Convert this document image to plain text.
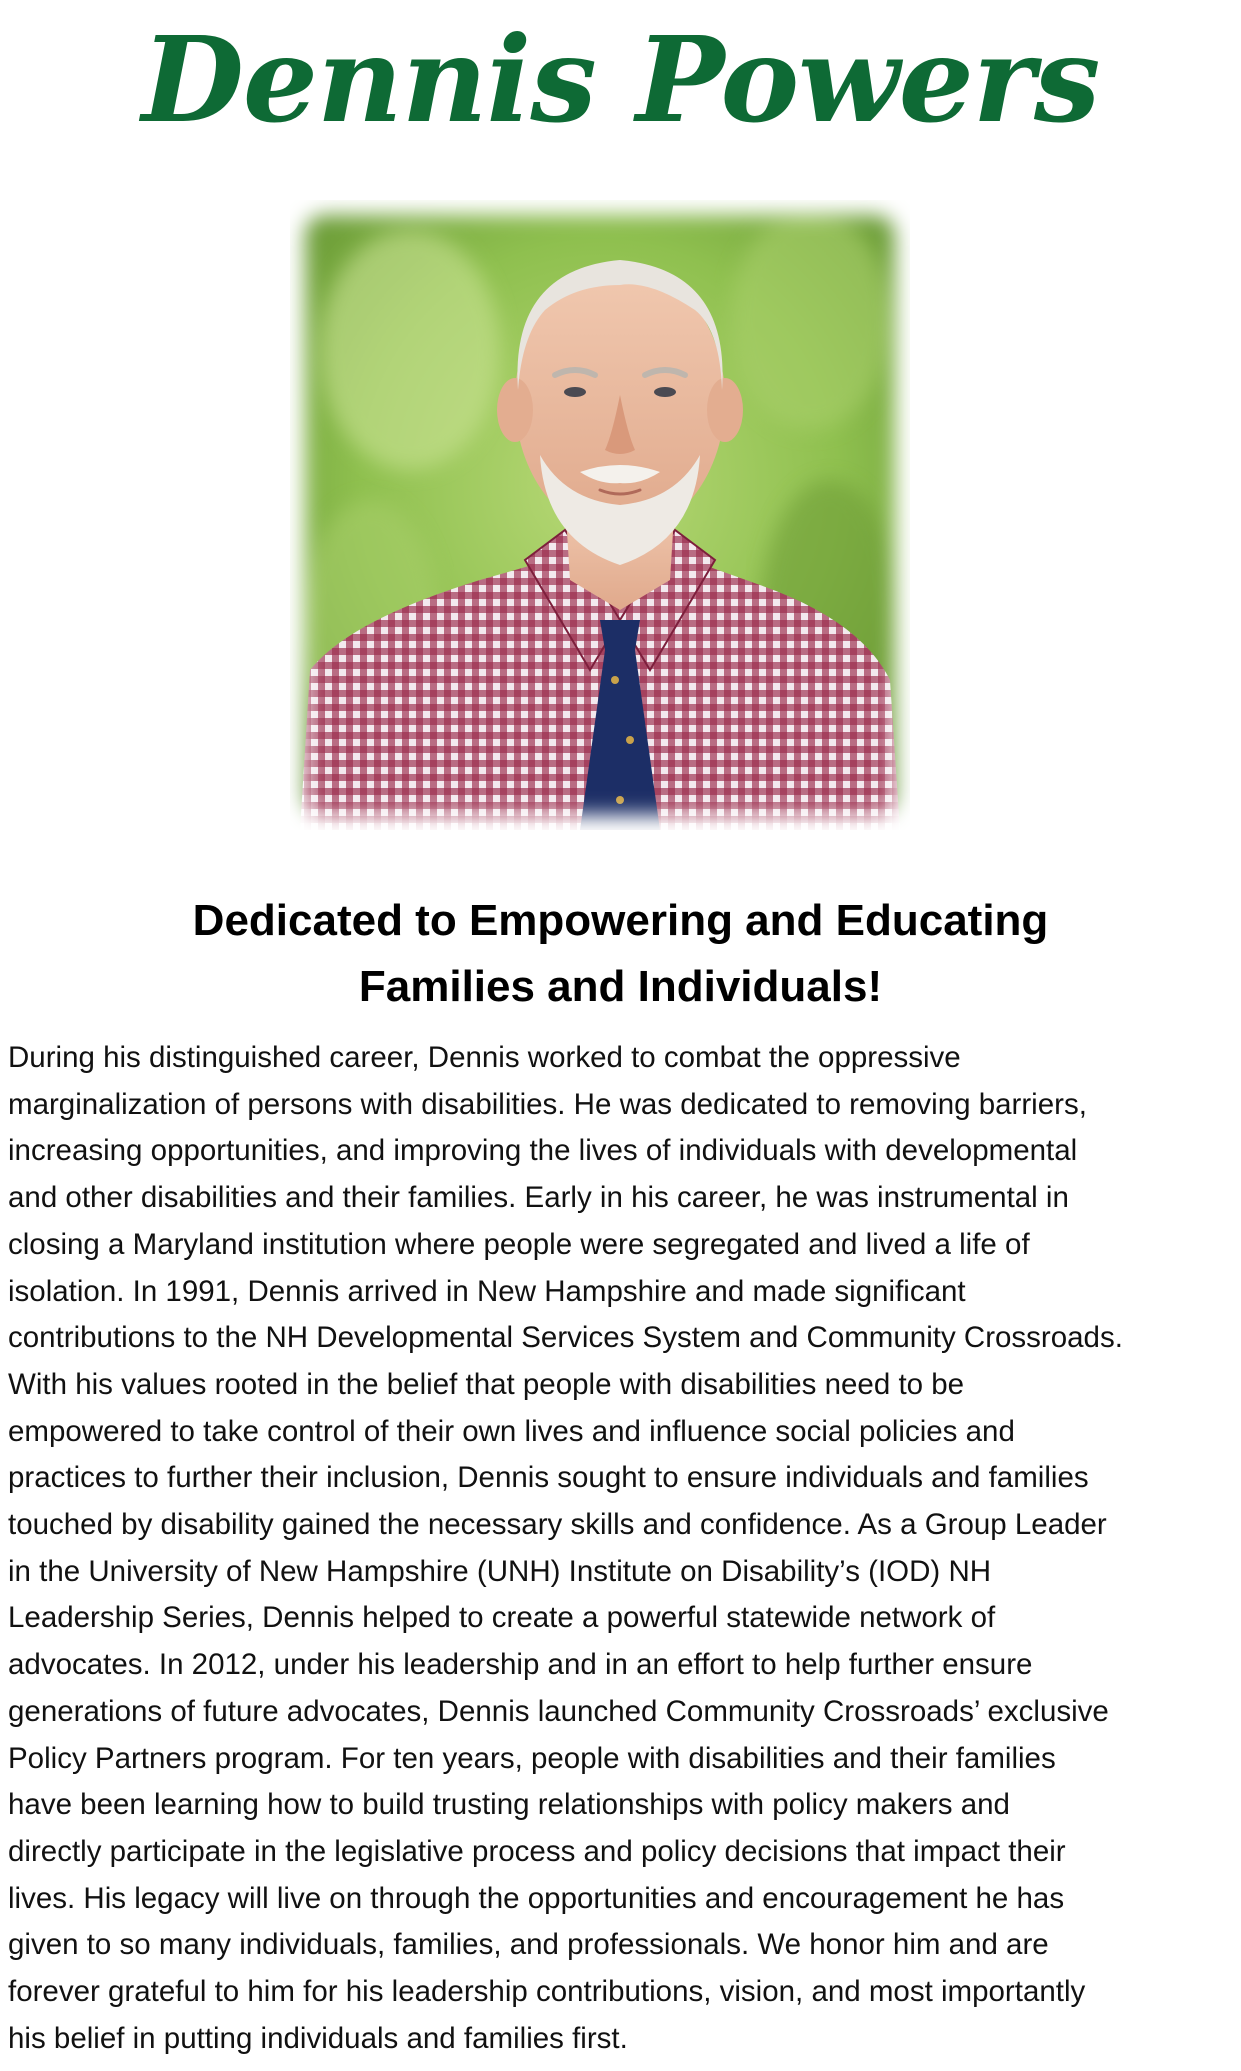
Dennis Powers
Dedicated to Empowering and Educating
Families and Individuals!
During his distinguished career, Dennis worked to combat the oppressive
marginalization of persons with disabilities. He was dedicated to removing barriers,
increasing opportunities, and improving the lives of individuals with developmental
and other disabilities and their families. Early in his career, he was instrumental in
closing a Maryland institution where people were segregated and lived a life of
isolation. In 1991, Dennis arrived in New Hampshire and made significant
contributions to the NH Developmental Services System and Community Crossroads.
With his values rooted in the belief that people with disabilities need to be
empowered to take control of their own lives and influence social policies and
practices to further their inclusion, Dennis sought to ensure individuals and families
touched by disability gained the necessary skills and confidence. As a Group Leader
in the University of New Hampshire (UNH) Institute on Disability’s (IOD) NH
Leadership Series, Dennis helped to create a powerful statewide network of
advocates. In 2012, under his leadership and in an effort to help further ensure
generations of future advocates, Dennis launched Community Crossroads’ exclusive
Policy Partners program. For ten years, people with disabilities and their families
have been learning how to build trusting relationships with policy makers and
directly participate in the legislative process and policy decisions that impact their
lives. His legacy will live on through the opportunities and encouragement he has
given to so many individuals, families, and professionals. We honor him and are
forever grateful to him for his leadership contributions, vision, and most importantly
his belief in putting individuals and families first.
